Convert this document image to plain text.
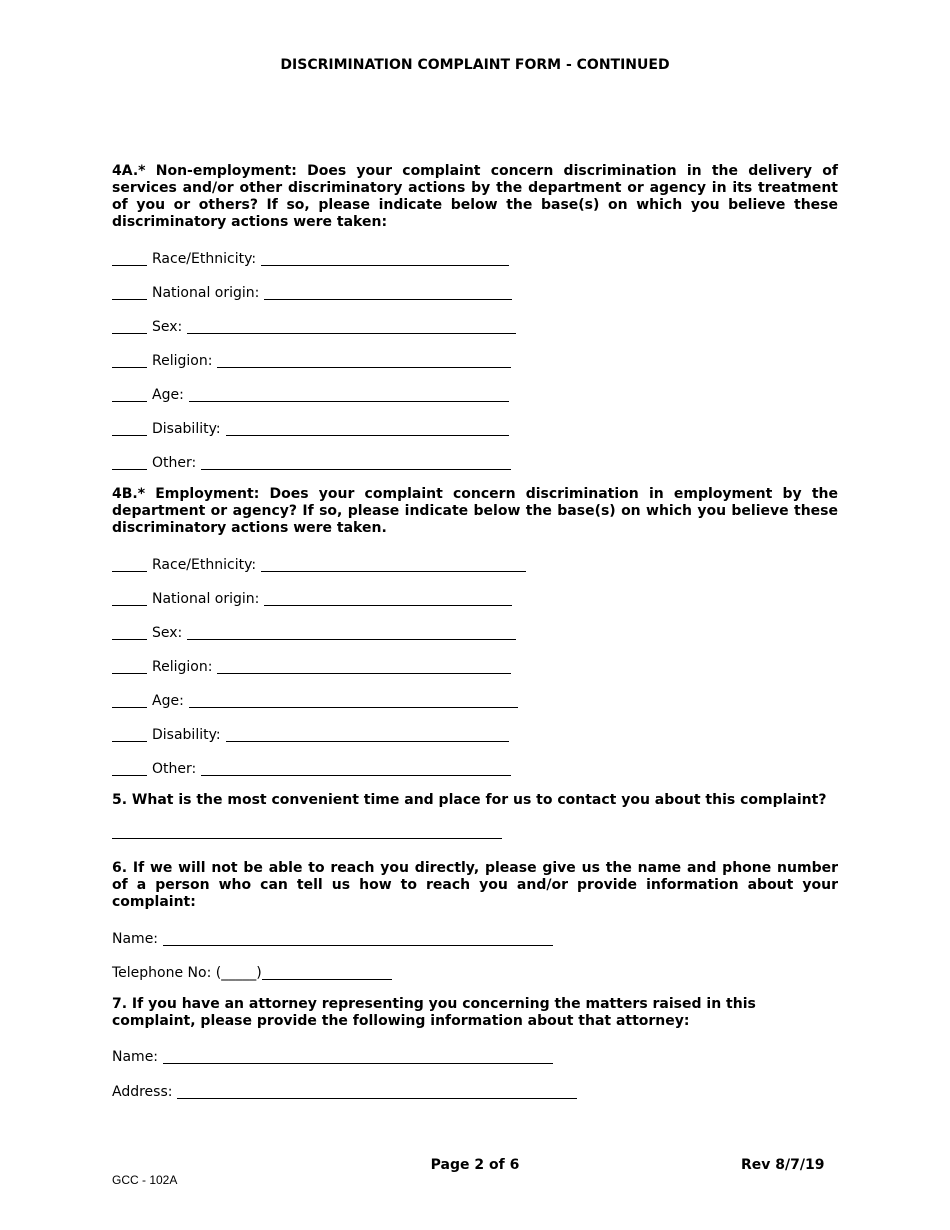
DISCRIMINATION COMPLAINT FORM - CONTINUED
4A.* Non-employment: Does your complaint concern discrimination in the delivery of services and/or other discriminatory actions by the department or agency in its treatment of you or others? If so, please indicate below the base(s) on which you believe these discriminatory actions were taken:
Race/Ethnicity:
National origin:
Sex:
Religion:
Age:
Disability:
Other:
4B.* Employment: Does your complaint concern discrimination in employment by the department or agency? If so, please indicate below the base(s) on which you believe these discriminatory actions were taken.
Race/Ethnicity:
National origin:
Sex:
Religion:
Age:
Disability:
Other:
5. What is the most convenient time and place for us to contact you about this complaint?
6. If we will not be able to reach you directly, please give us the name and phone number of a person who can tell us how to reach you and/or provide information about your complaint:
Name:
Telephone No: (_____)
7. If you have an attorney representing you concerning the matters raised in this complaint, please provide the following information about that attorney:
Name:
Address:
Page 2 of 6	Rev 8/7/19
GCC - 102A
